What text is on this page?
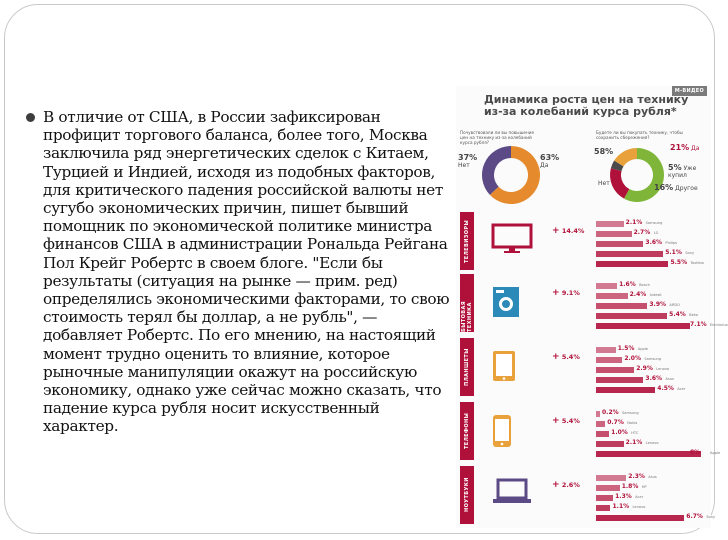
В отличие от США, в России зафиксирован профицит торгового баланса, более того, Москва заключила ряд энергетических сделок с Китаем, Турцией и Индией, исходя из подобных факторов, для критического падения российской валюты нет сугубо экономических причин, пишет бывший помощник по экономической политике министра финансов США в администрации Рональда Рейгана Пол Крейг Робертс в своем блоге. "Если бы результаты (ситуация на рынке — прим. ред) определялись экономическими факторами, то свою стоимость терял бы доллар, а не рубль", — добавляет Робертс. По его мнению, на настоящий момент трудно оценить то влияние, которое рыночные манипуляции окажут на российскую экономику, однако уже сейчас можно сказать, что падение курса рубля носит искусственный характер.

M-ВИДЕО
Динамика роста цен на технику из-за колебаний курса рубля*
Почувствовали ли вы повышение цен на технику из-за колебаний курса рубля?
37%
Нет
63%
Да
Будете ли вы покупать технику, чтобы сохранить сбережения?
58%
Нет
21% Да
5% Уже купил
16% Другое
ТЕЛЕВИЗОРЫ	+ 14.4%
2.1% Samsung
2.7% LG
3.6% Philips
5.1% Sony
5.5% Toshiba
БЫТОВАЯ ТЕХНИКА
+ 9.1%
1.6% Bosch
2.4% Indesit
3.9% ARDO
5.4% Beko
7.1% Electrolux
ПЛАНШЕТЫ	+ 5.4%
1.5% Apple
2.0% Samsung
2.9% Lenovo
3.6% Asus
4.5% Acer
ТЕЛЕФОНЫ	+ 5.4%
0.2% Samsung
0.7% Nokia
1.0% HTC
2.1% Lenovo
8%	Apple
НОУТБУКИ	+ 2.6%
2.3% Asus
1.8% HP
1.3% Acer
1.1% Lenovo
6.7% Sony
